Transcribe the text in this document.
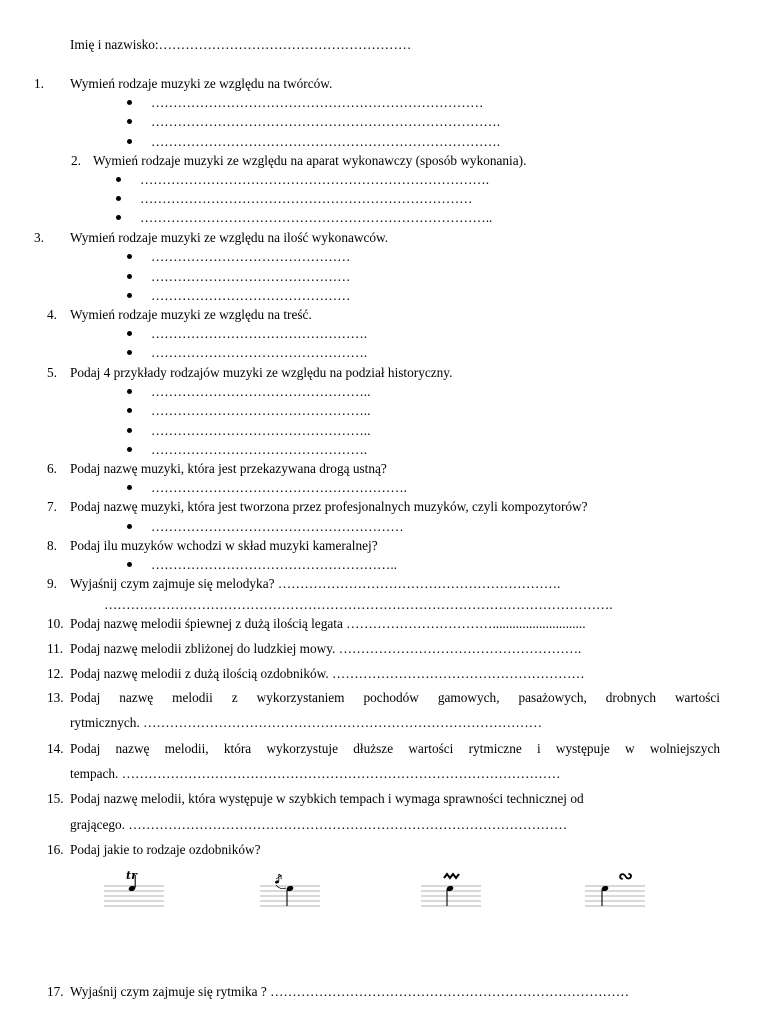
Imię i nazwisko:…………………………………………………
1. Wymień rodzaje muzyki ze względu na twórców.
…………………………………………………………………
…………………………………………………………………….
…………………………………………………………………….
2. Wymień rodzaje muzyki ze względu na aparat wykonawczy (sposób wykonania).
…………………………………………………………………….
…………………………………………………………………
……………………………………………………………………..
3. Wymień rodzaje muzyki ze względu na ilość wykonawców.
………………………………………
………………………………………
………………………………………
4. Wymień rodzaje muzyki ze względu na treść.
………………………………………….
………………………………………….
5. Podaj 4 przykłady rodzajów muzyki ze względu na podział historyczny.
…………………………………………..
…………………………………………..
…………………………………………..
………………………………………….
6. Podaj nazwę muzyki, która jest przekazywana drogą ustną?
………………………………………………….
7. Podaj nazwę muzyki, która jest tworzona przez profesjonalnych muzyków, czyli kompozytorów?
…………………………………………………
8. Podaj ilu muzyków wchodzi w skład muzyki kameralnej?
………………………………………………..
9. Wyjaśnij czym zajmuje się melodyka? ……………………………………………………….
…………………………………………………………………………………………………….
10. Podaj nazwę melodii śpiewnej z dużą ilością legata ……………………………............................
11. Podaj nazwę melodii zbliżonej do ludzkiej mowy. ……………………………………………….
12. Podaj nazwę melodii z dużą ilością ozdobników. …………………………………………………
13. Podaj nazwę melodii z wykorzystaniem pochodów gamowych, pasażowych, drobnych wartości
rytmicznych. ………………………………………………………………………………
14. Podaj nazwę melodii, która wykorzystuje dłuższe wartości rytmiczne i występuje w wolniejszych
tempach. ………………………………………………………………………………………
15. Podaj nazwę melodii, która występuje w szybkich tempach i wymaga sprawności technicznej od
grającego. ………………………………………………………………………………………
16. Podaj jakie to rodzaje ozdobników?
tr	∾
17. Wyjaśnij czym zajmuje się rytmika ? ………………………………………………………………………
